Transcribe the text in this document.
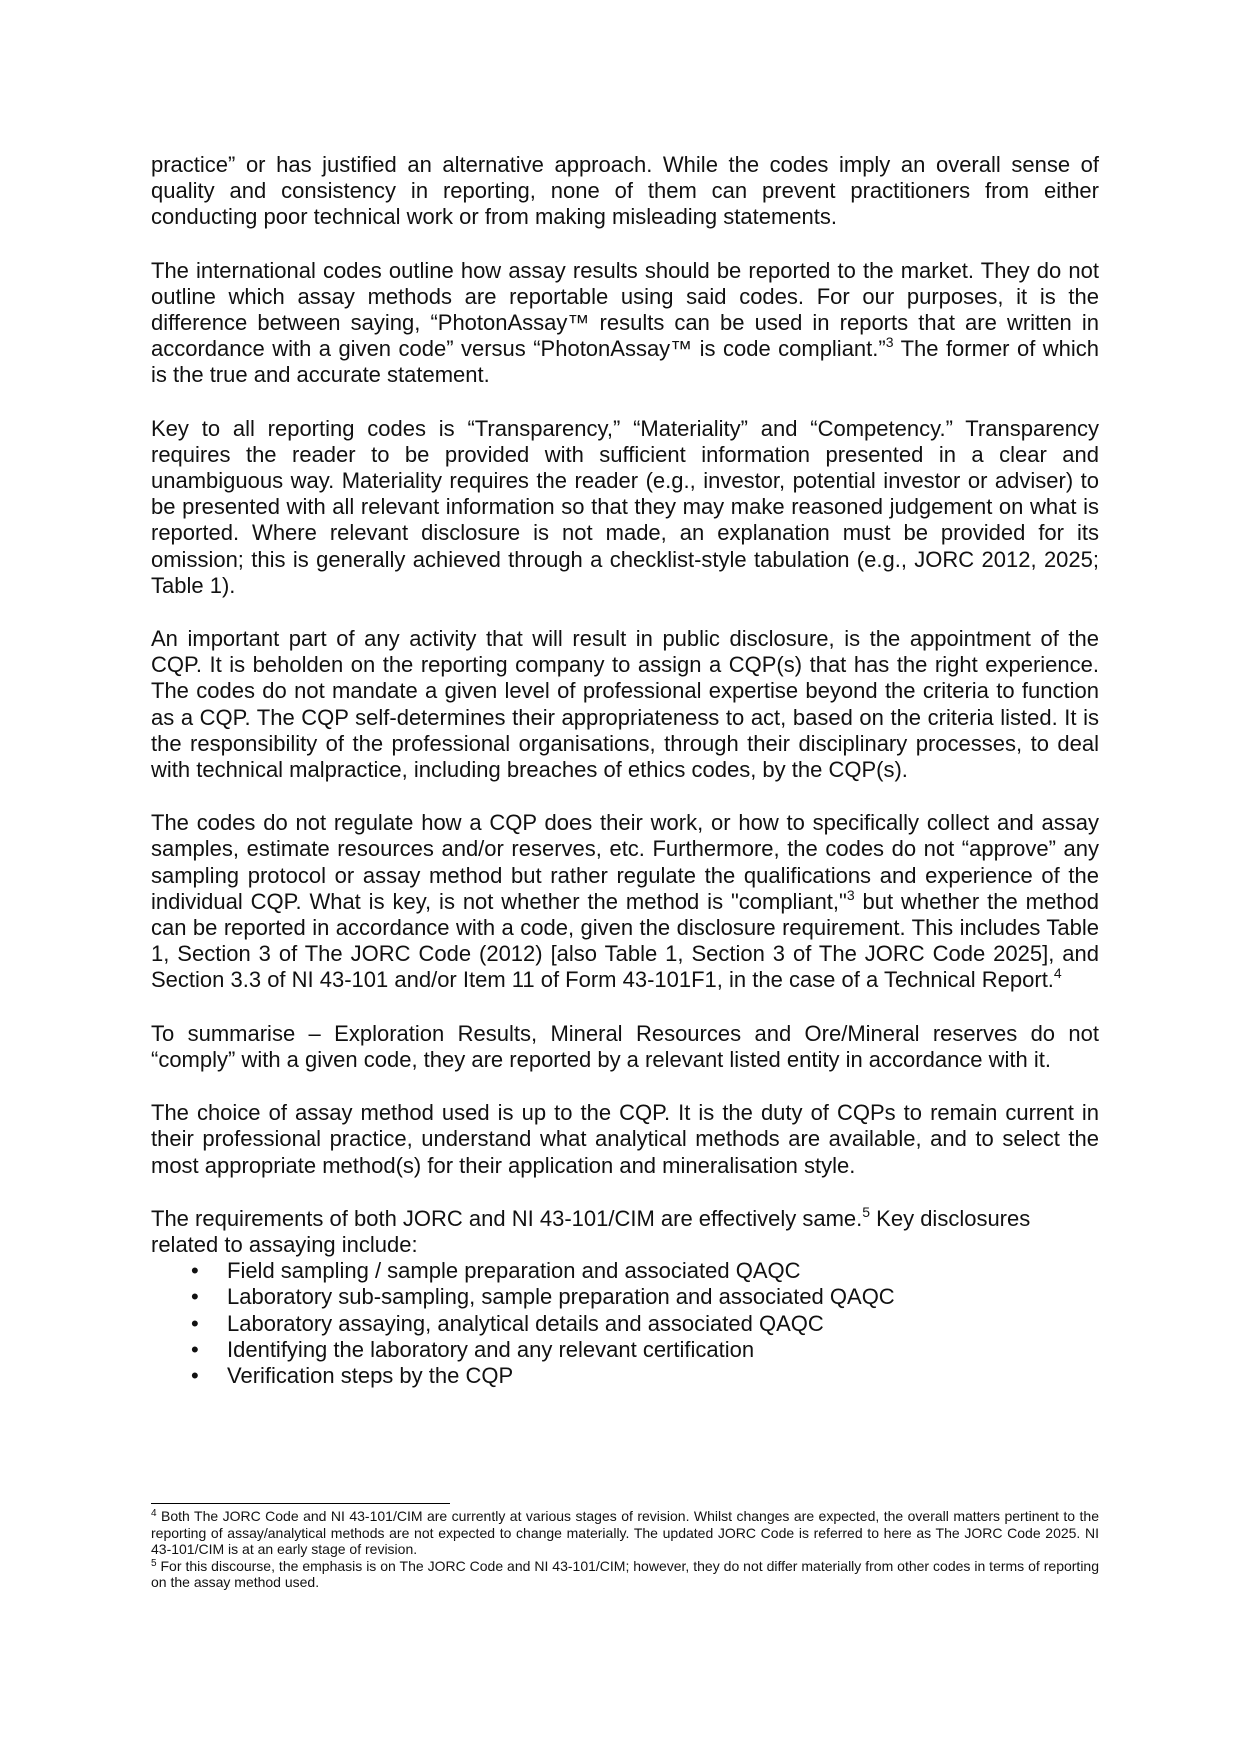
practice” or has justified an alternative approach. While the codes imply an overall sense of quality and consistency in reporting, none of them can prevent practitioners from either conducting poor technical work or from making misleading statements.

The international codes outline how assay results should be reported to the market. They do not outline which assay methods are reportable using said codes. For our purposes, it is the difference between saying, “PhotonAssay™ results can be used in reports that are written in accordance with a given code” versus “PhotonAssay™ is code compliant.”$^3$ The former of which is the true and accurate statement.

Key to all reporting codes is “Transparency,” “Materiality” and “Competency.” Transparency requires the reader to be provided with sufficient information presented in a clear and unambiguous way. Materiality requires the reader (e.g., investor, potential investor or adviser) to be presented with all relevant information so that they may make reasoned judgement on what is reported. Where relevant disclosure is not made, an explanation must be provided for its omission; this is generally achieved through a checklist-style tabulation (e.g., JORC 2012, 2025; Table 1).

An important part of any activity that will result in public disclosure, is the appointment of the CQP. It is beholden on the reporting company to assign a CQP(s) that has the right experience. The codes do not mandate a given level of professional expertise beyond the criteria to function as a CQP. The CQP self-determines their appropriateness to act, based on the criteria listed. It is the responsibility of the professional organisations, through their disciplinary processes, to deal with technical malpractice, including breaches of ethics codes, by the CQP(s).

The codes do not regulate how a CQP does their work, or how to specifically collect and assay samples, estimate resources and/or reserves, etc. Furthermore, the codes do not “approve” any sampling protocol or assay method but rather regulate the qualifications and experience of the individual CQP. What is key, is not whether the method is "compliant,"$^3$ but whether the method can be reported in accordance with a code, given the disclosure requirement. This includes Table 1, Section 3 of The JORC Code (2012) [also Table 1, Section 3 of The JORC Code 2025], and Section 3.3 of NI 43-101 and/or Item 11 of Form 43-101F1, in the case of a Technical Report.$^4$

To summarise – Exploration Results, Mineral Resources and Ore/Mineral reserves do not “comply” with a given code, they are reported by a relevant listed entity in accordance with it.

The choice of assay method used is up to the CQP. It is the duty of CQPs to remain current in their professional practice, understand what analytical methods are available, and to select the most appropriate method(s) for their application and mineralisation style.

The requirements of both JORC and NI 43-101/CIM are effectively same.$^5$ Key disclosures related to assaying include:

• Field sampling / sample preparation and associated QAQC
• Laboratory sub-sampling, sample preparation and associated QAQC
• Laboratory assaying, analytical details and associated QAQC
• Identifying the laboratory and any relevant certification
• Verification steps by the CQP

$^4$ Both The JORC Code and NI 43-101/CIM are currently at various stages of revision. Whilst changes are expected, the overall matters pertinent to the reporting of assay/analytical methods are not expected to change materially. The updated JORC Code is referred to here as The JORC Code 2025. NI 43-101/CIM is at an early stage of revision.

$^5$ For this discourse, the emphasis is on The JORC Code and NI 43-101/CIM; however, they do not differ materially from other codes in terms of reporting on the assay method used.
